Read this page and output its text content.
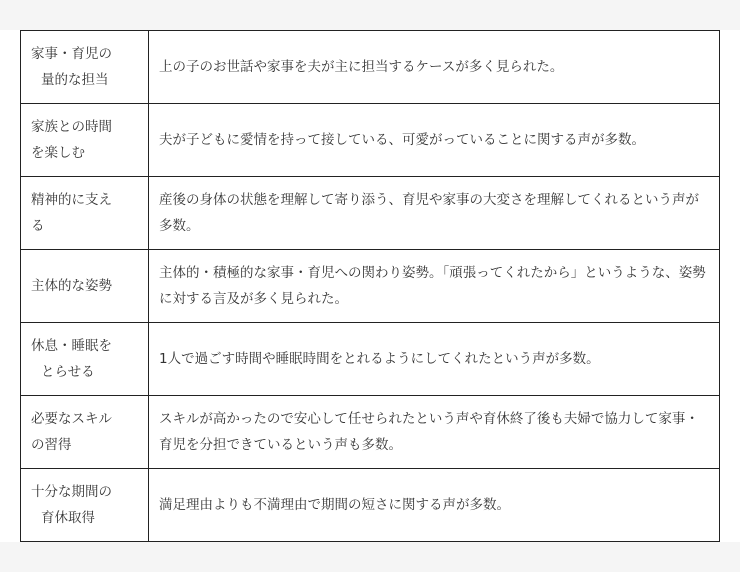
家事・育児の
量的な担当	上の子のお世話や家事を夫が主に担当するケースが多く見られた。

家族との時間
を楽しむ	夫が子どもに愛情を持って接している、可愛がっていることに関する声が多数。

精神的に支え
る	産後の身体の状態を理解して寄り添う、育児や家事の大変さを理解してくれるという声が多数。

主体的な姿勢	主体的・積極的な家事・育児への関わり姿勢。「頑張ってくれたから」というような、姿勢に対する言及が多く見られた。

休息・睡眠を
とらせる	1人で過ごす時間や睡眠時間をとれるようにしてくれたという声が多数。

必要なスキル
の習得	スキルが高かったので安心して任せられたという声や育休終了後も夫婦で協力して家事・育児を分担できているという声も多数。

十分な期間の
育休取得	満足理由よりも不満理由で期間の短さに関する声が多数。
